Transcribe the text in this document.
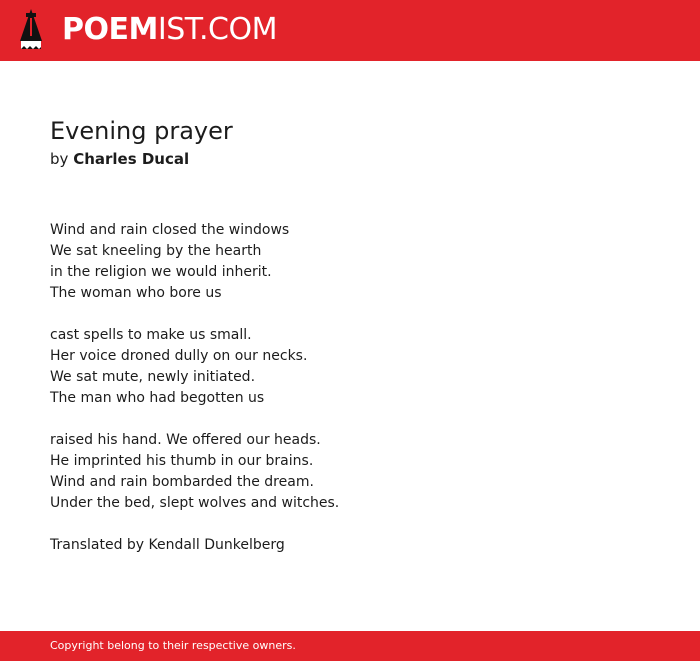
POEMIST.COM
Evening prayer
by Charles Ducal
Wind and rain closed the windows
We sat kneeling by the hearth
in the religion we would inherit.
The woman who bore us
cast spells to make us small.
Her voice droned dully on our necks.
We sat mute, newly initiated.
The man who had begotten us
raised his hand. We offered our heads.
He imprinted his thumb in our brains.
Wind and rain bombarded the dream.
Under the bed, slept wolves and witches.
Translated by Kendall Dunkelberg
Copyright belong to their respective owners.
